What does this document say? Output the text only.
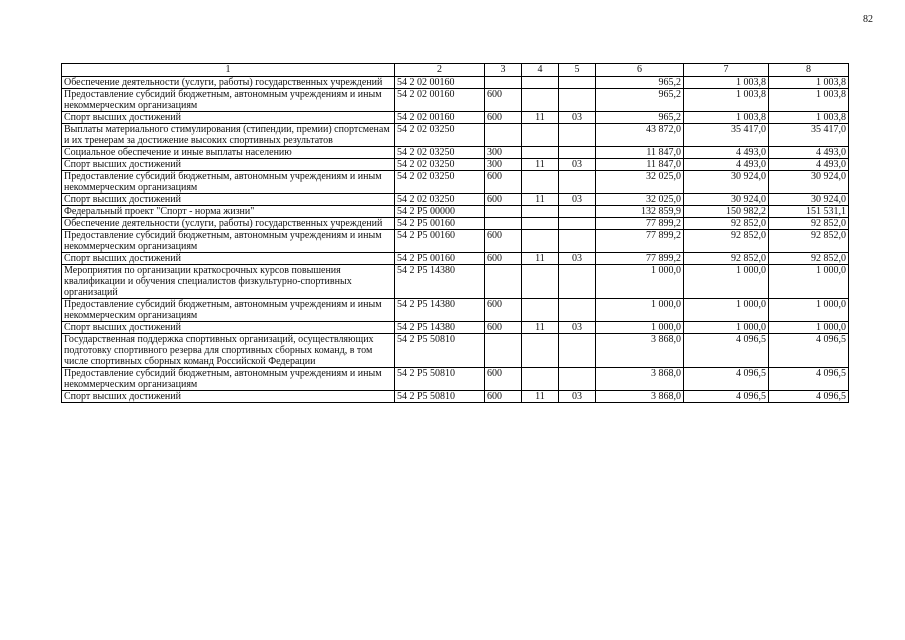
82
1	2	3	4	5	6	7	8
Обеспечение деятельности (услуги, работы) государственных учреждений	54 2 02 00160				965,2	1 003,8	1 003,8
Предоставление субсидий бюджетным, автономным учреждениям и иным некоммерческим организациям	54 2 02 00160	600			965,2	1 003,8	1 003,8
Спорт высших достижений	54 2 02 00160	600	11	03	965,2	1 003,8	1 003,8
Выплаты материального стимулирования (стипендии, премии) спортсменам и их тренерам за достижение высоких спортивных результатов	54 2 02 03250				43 872,0	35 417,0	35 417,0
Социальное обеспечение и иные выплаты населению	54 2 02 03250	300			11 847,0	4 493,0	4 493,0
Спорт высших достижений	54 2 02 03250	300	11	03	11 847,0	4 493,0	4 493,0
Предоставление субсидий бюджетным, автономным учреждениям и иным некоммерческим организациям	54 2 02 03250	600			32 025,0	30 924,0	30 924,0
Спорт высших достижений	54 2 02 03250	600	11	03	32 025,0	30 924,0	30 924,0
Федеральный проект "Спорт - норма жизни"	54 2 P5 00000				132 859,9	150 982,2	151 531,1
Обеспечение деятельности (услуги, работы) государственных учреждений	54 2 P5 00160				77 899,2	92 852,0	92 852,0
Предоставление субсидий бюджетным, автономным учреждениям и иным некоммерческим организациям	54 2 P5 00160	600			77 899,2	92 852,0	92 852,0
Спорт высших достижений	54 2 P5 00160	600	11	03	77 899,2	92 852,0	92 852,0
Мероприятия по организации краткосрочных курсов повышения квалификации и обучения специалистов физкультурно-спортивных организаций	54 2 P5 14380				1 000,0	1 000,0	1 000,0
Предоставление субсидий бюджетным, автономным учреждениям и иным некоммерческим организациям	54 2 P5 14380	600			1 000,0	1 000,0	1 000,0
Спорт высших достижений	54 2 P5 14380	600	11	03	1 000,0	1 000,0	1 000,0
Государственная поддержка спортивных организаций, осуществляющих подготовку спортивного резерва для спортивных сборных команд, в том числе спортивных сборных команд Российской Федерации	54 2 P5 50810				3 868,0	4 096,5	4 096,5
Предоставление субсидий бюджетным, автономным учреждениям и иным некоммерческим организациям	54 2 P5 50810	600			3 868,0	4 096,5	4 096,5
Спорт высших достижений	54 2 P5 50810	600	11	03	3 868,0	4 096,5	4 096,5
